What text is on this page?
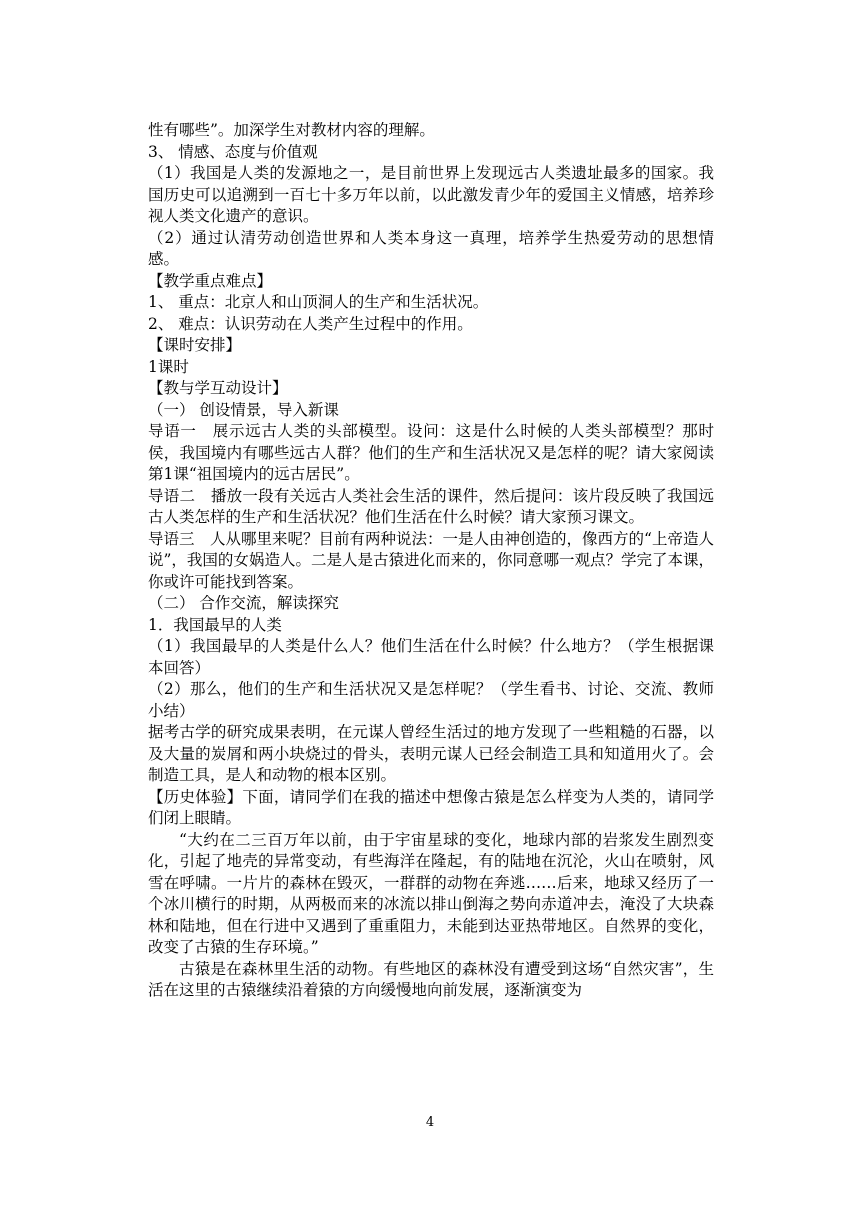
性有哪些”。加深学生对教材内容的理解。

3、 情感、态度与价值观

（1）我国是人类的发源地之一，是目前世界上发现远古人类遗址最多的国家。我国历史可以追溯到一百七十多万年以前，以此激发青少年的爱国主义情感，培养珍视人类文化遗产的意识。

（2）通过认清劳动创造世界和人类本身这一真理，培养学生热爱劳动的思想情感。

【教学重点难点】

1、 重点：北京人和山顶洞人的生产和生活状况。

2、 难点：认识劳动在人类产生过程中的作用。

【课时安排】

1课时

【教与学互动设计】

（一） 创设情景，导入新课

导语一　展示远古人类的头部模型。设问：这是什么时候的人类头部模型？那时侯，我国境内有哪些远古人群？他们的生产和生活状况又是怎样的呢？请大家阅读第1课“祖国境内的远古居民”。

导语二　播放一段有关远古人类社会生活的课件，然后提问：该片段反映了我国远古人类怎样的生产和生活状况？他们生活在什么时候？请大家预习课文。

导语三　人从哪里来呢？目前有两种说法：一是人由神创造的，像西方的“上帝造人说”，我国的女娲造人。二是人是古猿进化而来的，你同意哪一观点？学完了本课，你或许可能找到答案。

（二） 合作交流，解读探究

1．我国最早的人类

（1）我国最早的人类是什么人？他们生活在什么时候？什么地方？（学生根据课本回答）

（2）那么，他们的生产和生活状况又是怎样呢？（学生看书、讨论、交流、教师小结）

据考古学的研究成果表明，在元谋人曾经生活过的地方发现了一些粗糙的石器，以及大量的炭屑和两小块烧过的骨头，表明元谋人已经会制造工具和知道用火了。会制造工具，是人和动物的根本区别。

【历史体验】下面，请同学们在我的描述中想像古猿是怎么样变为人类的，请同学们闭上眼睛。

“大约在二三百万年以前，由于宇宙星球的变化，地球内部的岩浆发生剧烈变化，引起了地壳的异常变动，有些海洋在隆起，有的陆地在沉沦，火山在喷射，风雪在呼啸。一片片的森林在毁灭，一群群的动物在奔逃……后来，地球又经历了一个冰川横行的时期，从两极而来的冰流以排山倒海之势向赤道冲去，淹没了大块森林和陆地，但在行进中又遇到了重重阻力，未能到达亚热带地区。自然界的变化，改变了古猿的生存环境。”

古猿是在森林里生活的动物。有些地区的森林没有遭受到这场“自然灾害”，生活在这里的古猿继续沿着猿的方向缓慢地向前发展，逐渐演变为

4
